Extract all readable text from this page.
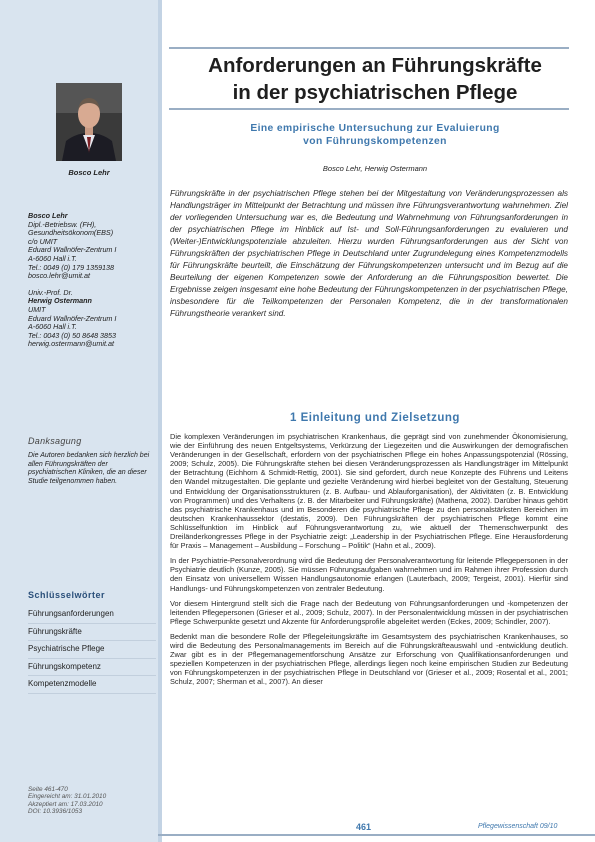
Bosco Lehr
Bosco Lehr
Dipl.-Betriebsw. (FH),
Gesundheitsökonom(EBS)
c/o UMIT
Eduard Wallnöfer-Zentrum I
A-6060 Hall i.T.
Tel.: 0049 (0) 179 1359138
bosco.lehr@umit.at
Univ.-Prof. Dr.
Herwig Ostermann
UMIT
Eduard Wallnöfer-Zentrum I
A-6060 Hall i.T.
Tel.: 0043 (0) 50 8648 3853
herwig.ostermann@umit.at
Danksagung
Die Autoren bedanken sich herzlich bei allen Führungskräften der psychiatrischen Kliniken, die an dieser Studie teilgenommen haben.
Schlüsselwörter
Führungsanforderungen
Führungskräfte
Psychiatrische Pflege
Führungskompetenz
Kompetenzmodelle
Seite 461-470
Eingereicht am: 31.01.2010
Akzeptiert am: 17.03.2010
DOI: 10.3936/1053
Anforderungen an Führungskräfte
in der psychiatrischen Pflege
Eine empirische Untersuchung zur Evaluierung
von Führungskompetenzen
Bosco Lehr, Herwig Ostermann
Führungskräfte in der psychiatrischen Pflege stehen bei der Mitgestaltung von Veränderungsprozessen als Handlungsträger im Mittelpunkt der Betrachtung und müssen ihre Führungsverantwortung wahrnehmen. Ziel der vorliegenden Untersuchung war es, die Bedeutung und Wahrnehmung von Führungsanforderungen in der psychiatrischen Pflege im Hinblick auf Ist- und Soll-Führungsanforderungen zu evaluieren und (Weiter-)Entwicklungspotenziale abzuleiten. Hierzu wurden Führungsanforderungen aus der Sicht von Führungskräften der psychiatrischen Pflege in Deutschland unter Zugrundelegung eines Kompetenzmodells für Führungskräfte beurteilt, die Einschätzung der Führungskompetenzen untersucht und im Bezug auf die Beurteilung der eigenen Kompetenzen sowie der Anforderung an die Führungsposition bewertet. Die Ergebnisse zeigen insgesamt eine hohe Bedeutung der Führungskompetenzen in der psychiatrischen Pflege, insbesondere für die Teilkompetenzen der Personalen Kompetenz, die in der transformationalen Führungstheorie verankert sind.
1 Einleitung und Zielsetzung

Die komplexen Veränderungen im psychiatrischen Krankenhaus, die geprägt sind von zunehmender Ökonomisierung, wie der Einführung des neuen Entgeltsystems, Verkürzung der Liegezeiten und die Auswirkungen der demografischen Veränderungen in der Gesellschaft, erfordern von der psychiatrischen Pflege ein hohes Anpassungspotenzial (Rössing, 2009; Schulz, 2005). Die Führungskräfte stehen bei diesen Veränderungsprozessen als Handlungsträger im Mittelpunkt der Betrachtung (Eichhorn & Schmidt-Rettig, 2001). Sie sind gefordert, durch neue Konzepte des Führens und Leitens den Wandel mitzugestalten. Die geplante und gezielte Veränderung wird hierbei begleitet von der Gestaltung, Steuerung und Entwicklung der Organisationsstrukturen (z. B. Aufbau- und Ablauforganisation), der Aktivitäten (z. B. Entwicklung von Programmen) und des Verhaltens (z. B. der Mitarbeiter und Führungskräfte) (Mathena, 2002). Darüber hinaus gehört das psychiatrische Krankenhaus und im Besonderen die psychiatrische Pflege zu den personalstärksten Bereichen im deutschen Krankenhaussektor (destatis, 2009). Den Führungskräften der psychiatrischen Pflege kommt eine Schlüsselfunktion im Hinblick auf Führungsverantwortung zu, wie aktuell der Themenschwerpunkt des Dreiländerkongresses Pflege in der Psychiatrie zeigt: „Leadership in der Psychiatrischen Pflege. Eine Herausforderung für Praxis – Management – Ausbildung – Forschung – Politik“ (Hahn et al., 2009).

In der Psychiatrie-Personalverordnung wird die Bedeutung der Personalverantwortung für leitende Pflegepersonen in der Psychiatrie deutlich (Kunze, 2005). Sie müssen Führungsaufgaben wahrnehmen und im Rahmen ihrer Profession durch den Einsatz von universellem Wissen Handlungsautonomie erlangen (Lauterbach, 2009; Tergeist, 2001). Hierfür sind Handlungs- und Führungskompetenzen von zentraler Bedeutung.

Vor diesem Hintergrund stellt sich die Frage nach der Bedeutung von Führungsanforderungen und -kompetenzen der leitenden Pflegepersonen (Grieser et al., 2009; Schulz, 2007). In der Personalentwicklung müssen in der psychiatrischen Pflege Schwerpunkte gesetzt und Akzente für Anforderungsprofile abgeleitet werden (Eckes, 2009; Schindler, 2007).

Bedenkt man die besondere Rolle der Pflegeleitungskräfte im Gesamtsystem des psychiatrischen Krankenhauses, so wird die Bedeutung des Personalmanagements im Bereich auf die Führungskräfteauswahl und -entwicklung deutlich. Zwar gibt es in der Pflegemanagementforschung Ansätze zur Erforschung von Qualifikationsanforderungen und speziellen Kompetenzen in der psychiatrischen Pflege, allerdings liegen noch keine empirischen Studien zur Bedeutung von Führungskompetenzen in der psychiatrischen Pflege in Deutschland vor (Grieser et al., 2009; Rosental et al., 2001; Schulz, 2007; Sherman et al., 2007). An dieser

461	Pflegewissenschaft 09/10
